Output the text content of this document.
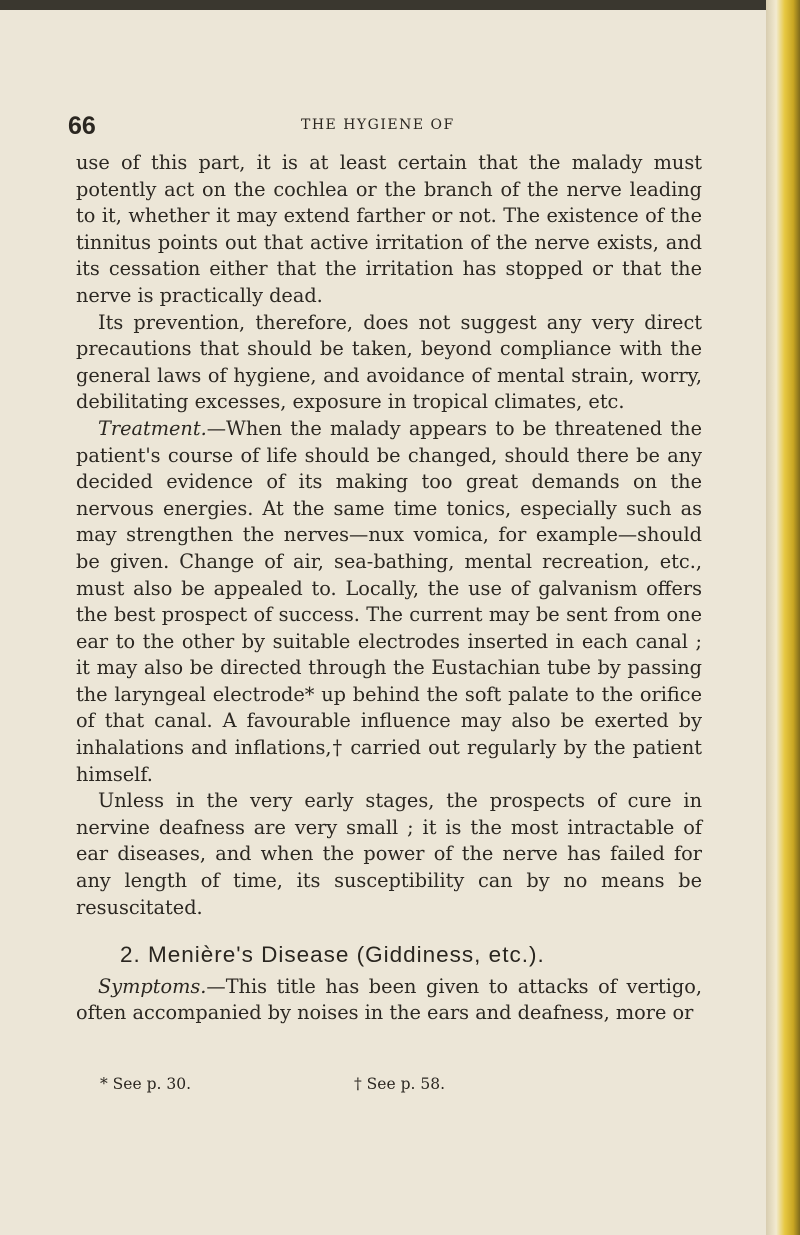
66	THE HYGIENE OF

use of this part, it is at least certain that the malady must potently act on the cochlea or the branch of the nerve leading to it, whether it may extend farther or not. The existence of the tinnitus points out that active irritation of the nerve exists, and its cessation either that the irritation has stopped or that the nerve is practically dead.

Its prevention, therefore, does not suggest any very direct precautions that should be taken, beyond compliance with the general laws of hygiene, and avoidance of mental strain, worry, debilitating excesses, exposure in tropical climates, etc.

Treatment.—When the malady appears to be threatened the patient's course of life should be changed, should there be any decided evidence of its making too great demands on the nervous energies. At the same time tonics, especially such as may strengthen the nerves—nux vomica, for example—should be given. Change of air, sea-bathing, mental recreation, etc., must also be appealed to. Locally, the use of galvanism offers the best prospect of success. The current may be sent from one ear to the other by suitable electrodes inserted in each canal ; it may also be directed through the Eustachian tube by passing the laryngeal electrode* up behind the soft palate to the orifice of that canal. A favourable influence may also be exerted by inhalations and inflations,† carried out regularly by the patient himself.

Unless in the very early stages, the prospects of cure in nervine deafness are very small ; it is the most intractable of ear diseases, and when the power of the nerve has failed for any length of time, its susceptibility can by no means be resuscitated.

2. Menière's Disease (Giddiness, etc.).

Symptoms.—This title has been given to attacks of vertigo, often accompanied by noises in the ears and deafness, more or

* See p. 30.	† See p. 58.
